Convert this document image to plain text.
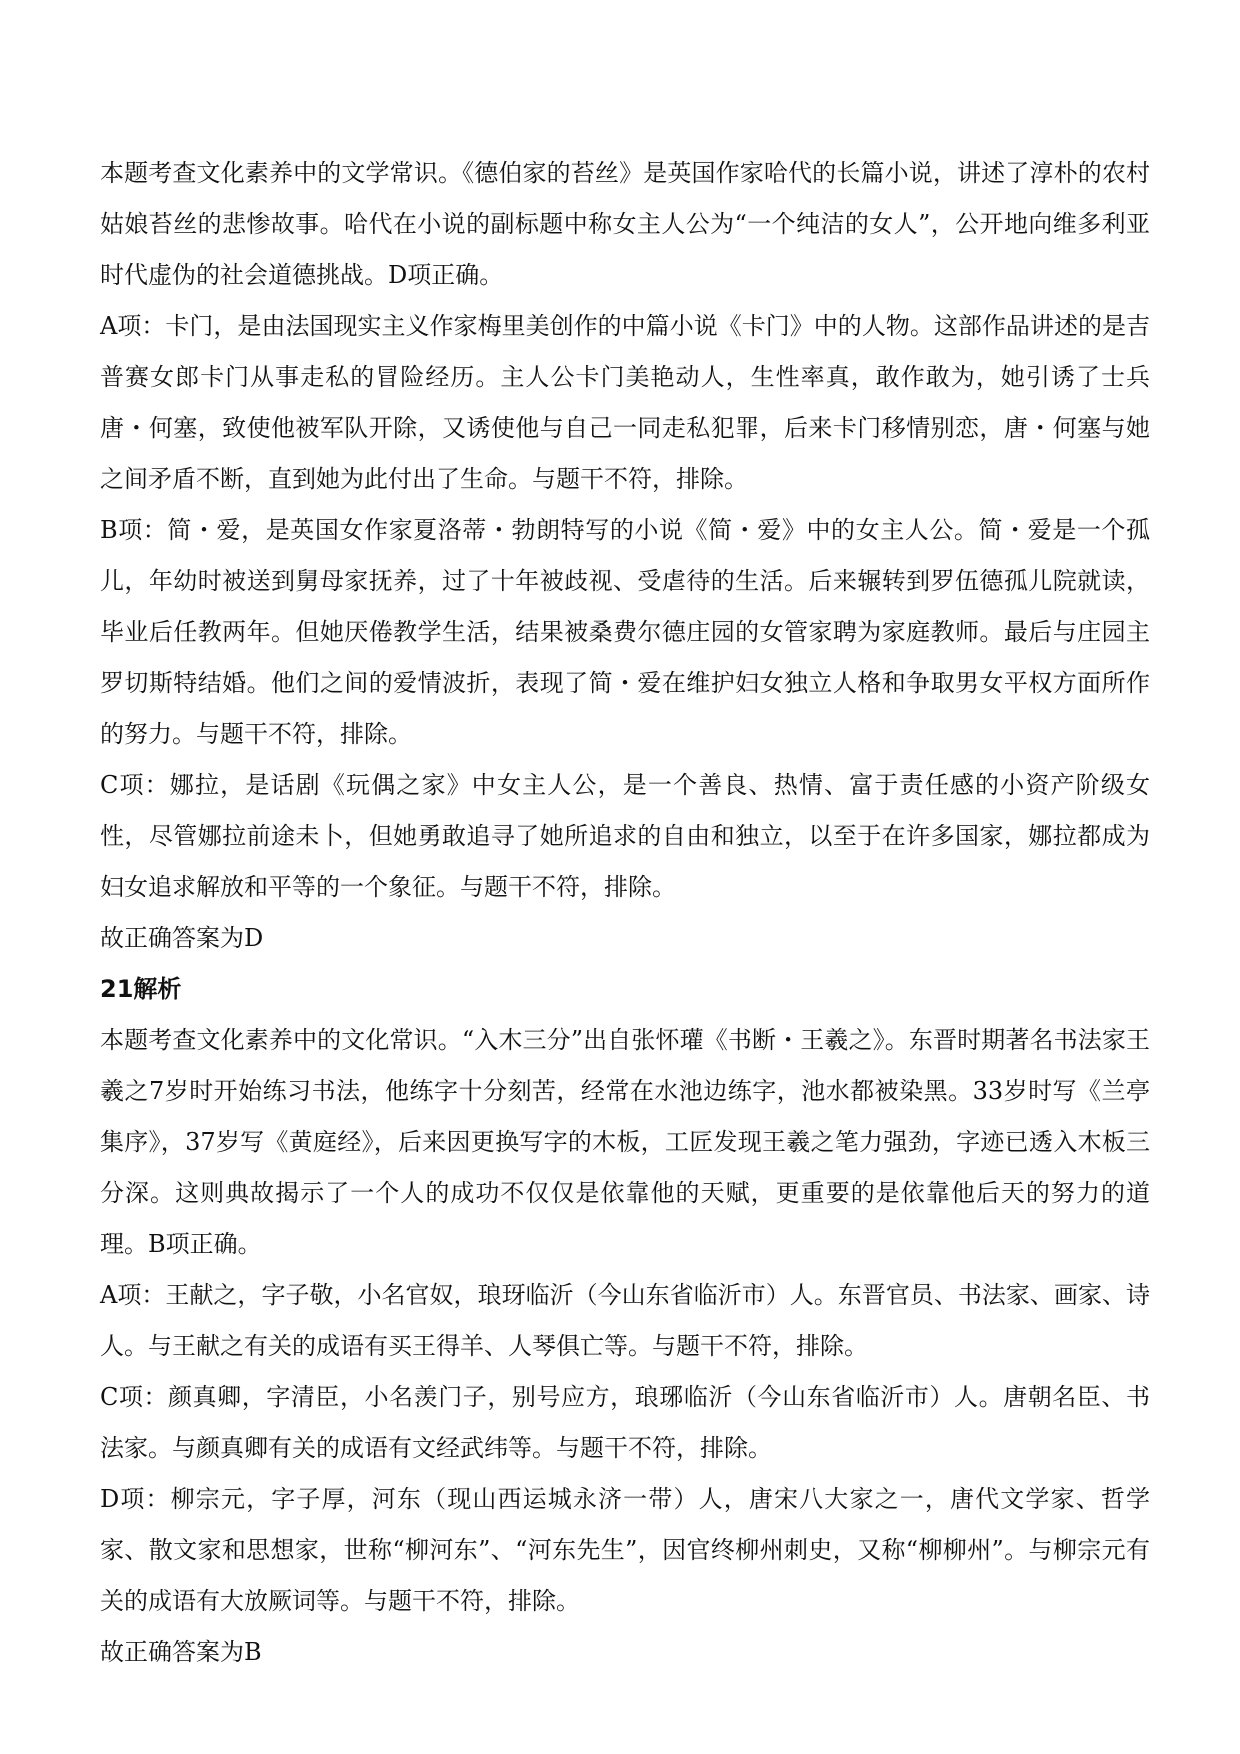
本题考查文化素养中的文学常识。《德伯家的苔丝》是英国作家哈代的长篇小说，讲述了淳朴的农村姑娘苔丝的悲惨故事。哈代在小说的副标题中称女主人公为“一个纯洁的女人”，公开地向维多利亚时代虚伪的社会道德挑战。D项正确。

A项：卡门，是由法国现实主义作家梅里美创作的中篇小说《卡门》中的人物。这部作品讲述的是吉普赛女郎卡门从事走私的冒险经历。主人公卡门美艳动人，生性率真，敢作敢为，她引诱了士兵唐・何塞，致使他被军队开除，又诱使他与自己一同走私犯罪，后来卡门移情别恋，唐・何塞与她之间矛盾不断，直到她为此付出了生命。与题干不符，排除。

B项：简・爱，是英国女作家夏洛蒂・勃朗特写的小说《简・爱》中的女主人公。简・爱是一个孤儿，年幼时被送到舅母家抚养，过了十年被歧视、受虐待的生活。后来辗转到罗伍德孤儿院就读，毕业后任教两年。但她厌倦教学生活，结果被桑费尔德庄园的女管家聘为家庭教师。最后与庄园主罗切斯特结婚。他们之间的爱情波折，表现了简・爱在维护妇女独立人格和争取男女平权方面所作的努力。与题干不符，排除。

C项：娜拉，是话剧《玩偶之家》中女主人公，是一个善良、热情、富于责任感的小资产阶级女性，尽管娜拉前途未卜，但她勇敢追寻了她所追求的自由和独立，以至于在许多国家，娜拉都成为妇女追求解放和平等的一个象征。与题干不符，排除。

故正确答案为D

21解析

本题考查文化素养中的文化常识。“入木三分”出自张怀瓘《书断・王羲之》。东晋时期著名书法家王羲之7岁时开始练习书法，他练字十分刻苦，经常在水池边练字，池水都被染黑。33岁时写《兰亭集序》，37岁写《黄庭经》，后来因更换写字的木板，工匠发现王羲之笔力强劲，字迹已透入木板三分深。这则典故揭示了一个人的成功不仅仅是依靠他的天赋，更重要的是依靠他后天的努力的道理。B项正确。

A项：王献之，字子敬，小名官奴，琅玡临沂（今山东省临沂市）人。东晋官员、书法家、画家、诗人。与王献之有关的成语有买王得羊、人琴俱亡等。与题干不符，排除。

C项：颜真卿，字清臣，小名羡门子，别号应方，琅琊临沂（今山东省临沂市）人。唐朝名臣、书法家。与颜真卿有关的成语有文经武纬等。与题干不符，排除。

D项：柳宗元，字子厚，河东（现山西运城永济一带）人，唐宋八大家之一，唐代文学家、哲学家、散文家和思想家，世称“柳河东”、“河东先生”，因官终柳州刺史，又称“柳柳州”。与柳宗元有关的成语有大放厥词等。与题干不符，排除。

故正确答案为B
